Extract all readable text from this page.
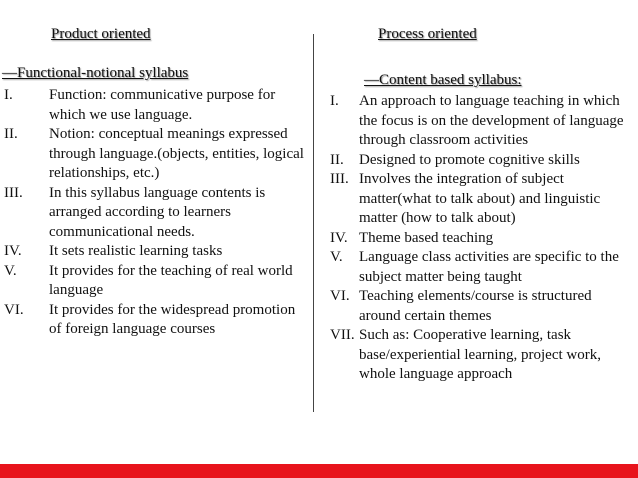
Product oriented	Process oriented
―Functional-notional syllabus	―Content based syllabus:
I.	Function: communicative purpose for which we use language.
II.	Notion: conceptual meanings expressed through language.(objects, entities, logical relationships, etc.)
III.	In this syllabus language contents is arranged according to learners communicational needs.
IV.	It sets realistic learning tasks
V.	It provides for the teaching of real world language
VI.	It provides for the widespread promotion of foreign language courses
I.	An approach to language teaching in which the focus is on the development of language through classroom activities
II.	Designed to promote cognitive skills
III. Involves the integration of subject matter(what to talk about) and linguistic matter (how to talk about)
IV. Theme based teaching
V.	Language class activities are specific to the subject matter being taught
VI. Teaching elements/course is structured around certain themes
VII. Such as: Cooperative learning, task base/experiential learning, project work, whole language approach
